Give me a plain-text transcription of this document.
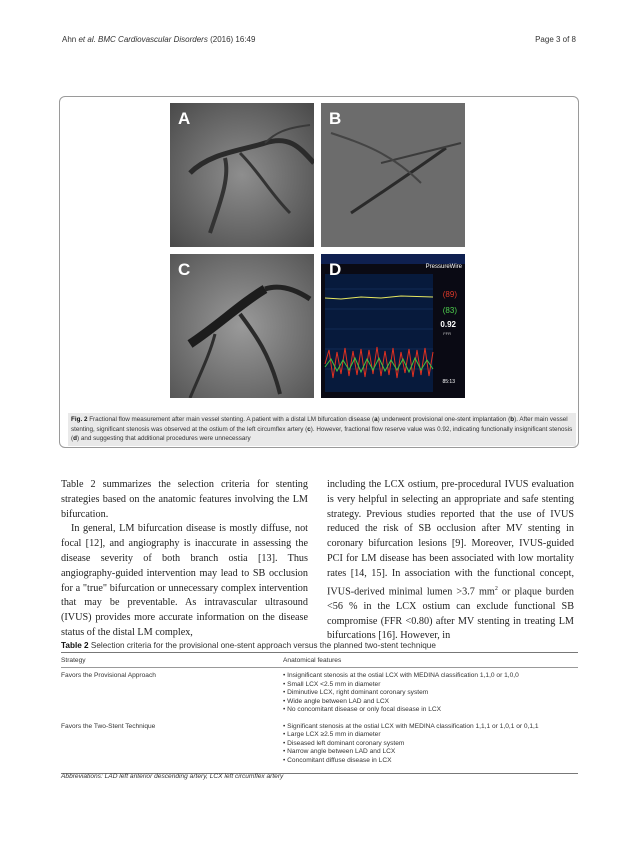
Ahn et al. BMC Cardiovascular Disorders (2016) 16:49	Page 3 of 8
A	B
C	D	PressureWire
(89)
(83)
0.92
FFR
85:13
Fig. 2 Fractional flow measurement after main vessel stenting. A patient with a distal LM bifurcation disease (a) underwent provisional one-stent implantation (b). After main vessel stenting, significant stenosis was observed at the ostium of the left circumflex artery (c). However, fractional flow reserve value was 0.92, indicating functionally insignificant stenosis (d) and suggesting that additional procedures were unnecessary

Table 2 summarizes the selection criteria for stenting strategies based on the anatomic features involving the LM bifurcation.

In general, LM bifurcation disease is mostly diffuse, not focal [12], and angiography is inaccurate in assessing the disease severity of both branch ostia [13]. Thus angiography-guided intervention may lead to SB occlusion for a "true" bifurcation or unnecessary complex intervention that may be preventable. As intravascular ultrasound (IVUS) provides more accurate information on the disease status of the distal LM complex,

including the LCX ostium, pre-procedural IVUS evaluation is very helpful in selecting an appropriate and safe stenting strategy. Previous studies reported that the use of IVUS reduced the risk of SB occlusion after MV stenting in coronary bifurcation lesions [9]. Moreover, IVUS-guided PCI for LM disease has been associated with low mortality rates [14, 15]. In association with the functional concept, IVUS-derived minimal lumen >3.7 $mm^2$ or plaque burden <56 % in the LCX ostium can exclude functional SB compromise (FFR <0.80) after MV stenting in treating LM bifurcations [16]. However, in

Table 2 Selection criteria for the provisional one-stent approach versus the planned two-stent technique
Strategy	Anatomical features
Favors the Provisional Approach	• Insignificant stenosis at the ostial LCX with MEDINA classification 1,1,0 or 1,0,0
• Small LCX <2.5 mm in diameter
• Diminutive LCX, right dominant coronary system
• Wide angle between LAD and LCX
• No concomitant disease or only focal disease in LCX
Favors the Two-Stent Technique	• Significant stenosis at the ostial LCX with MEDINA classification 1,1,1 or 1,0,1 or 0,1,1
• Large LCX ≥2.5 mm in diameter
• Diseased left dominant coronary system
• Narrow angle between LAD and LCX
• Concomitant diffuse disease in LCX
Abbreviations: LAD left anterior descending artery, LCX left circumflex artery
